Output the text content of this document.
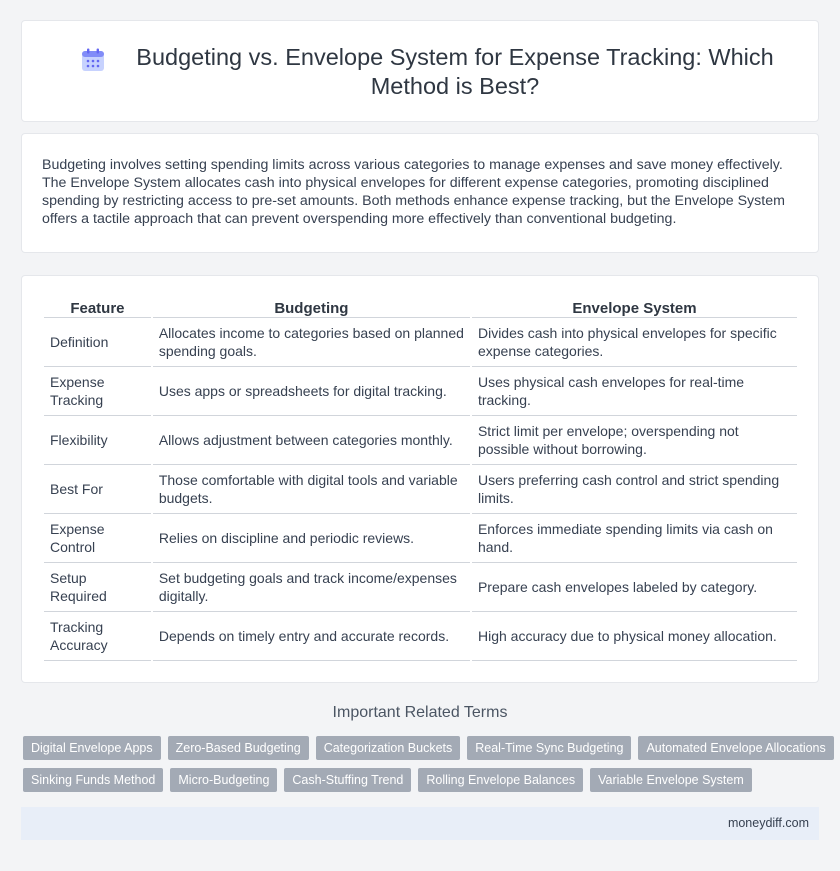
Budgeting vs. Envelope System for Expense Tracking: Which Method is Best?

Budgeting involves setting spending limits across various categories to manage expenses and save money effectively. The Envelope System allocates cash into physical envelopes for different expense categories, promoting disciplined spending by restricting access to pre-set amounts. Both methods enhance expense tracking, but the Envelope System offers a tactile approach that can prevent overspending more effectively than conventional budgeting.

Feature	Budgeting	Envelope System
Definition	Allocates income to categories based on planned spending goals.	Divides cash into physical envelopes for specific expense categories.
Expense Tracking	Uses apps or spreadsheets for digital tracking.	Uses physical cash envelopes for real-time tracking.
Flexibility	Allows adjustment between categories monthly.	Strict limit per envelope; overspending not possible without borrowing.
Best For	Those comfortable with digital tools and variable budgets.	Users preferring cash control and strict spending limits.
Expense Control	Relies on discipline and periodic reviews.	Enforces immediate spending limits via cash on hand.
Setup Required	Set budgeting goals and track income/expenses digitally.	Prepare cash envelopes labeled by category.
Tracking Accuracy	Depends on timely entry and accurate records.	High accuracy due to physical money allocation.
Important Related Terms
Digital Envelope Apps	Zero-Based Budgeting	Categorization Buckets	Real-Time Sync Budgeting	Automated Envelope Allocations
Sinking Funds Method	Micro-Budgeting	Cash-Stuffing Trend	Rolling Envelope Balances	Variable Envelope System
moneydiff.com
